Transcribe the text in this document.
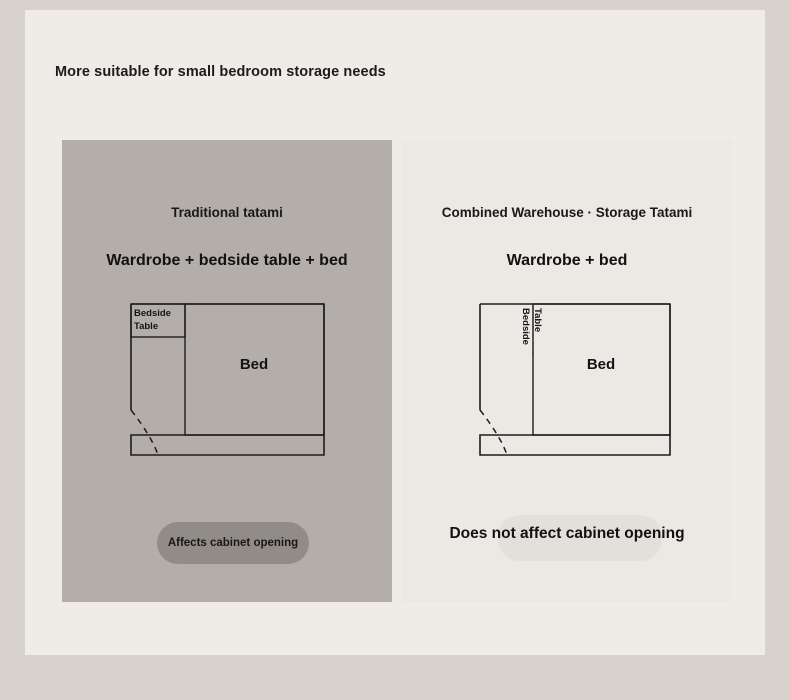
More suitable for small bedroom storage needs
Traditional tatami
Wardrobe + bedside table + bed
Bedside
Table
Bed
Affects cabinet opening
Combined Warehouse · Storage Tatami
Wardrobe + bed
Bedside Table
Bed
Does not affect cabinet opening
